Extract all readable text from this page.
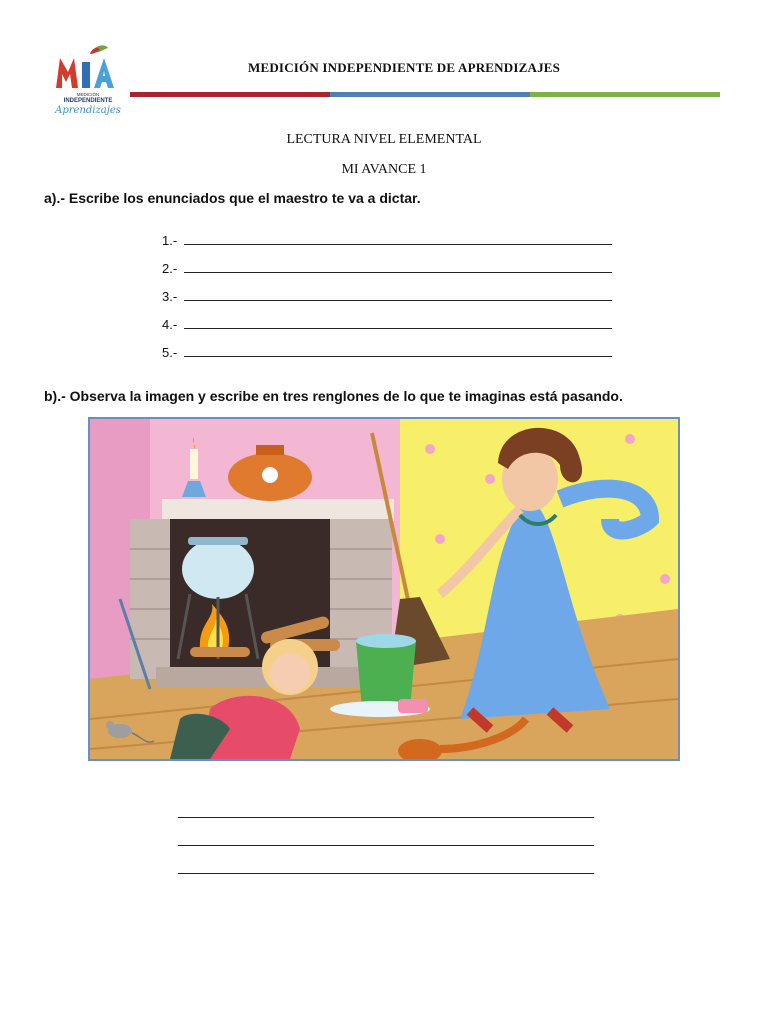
MEDICIÓN
INDEPENDIENTE
Aprendizajes
MEDICIÓN INDEPENDIENTE DE APRENDIZAJES
LECTURA NIVEL ELEMENTAL
MI AVANCE 1
a).- Escribe los enunciados que el maestro te va a dictar.
1.-
2.-
3.-
4.-
5.-
b).- Observa la imagen y escribe en tres renglones de lo que te imaginas está pasando.
